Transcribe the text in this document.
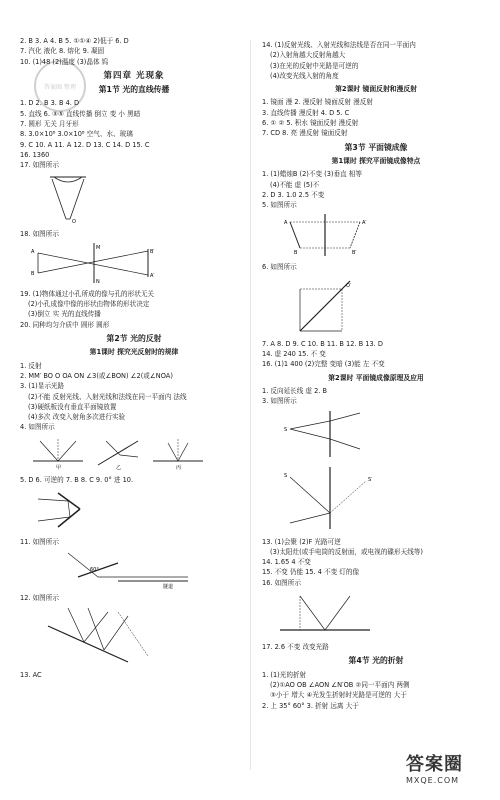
答案圈 整理
2. B 3. A 4. B 5. ①①④ 2)低于 6. D
7. 汽化 液化 8. 熔化 9. 凝固
10. (1)48 (2)温度 (3)晶体 钨
第四章 光现象
第1节 光的直线传播
1. D 2. B 3. B 4. D
5. 直线 6. ③⑤ 直线传播 倒立 变 小 黑暗
7. 圆形 无关 月牙形
8. 3.0×10⁸ 3.0×10⁸ 空气、水、玻璃
9. C 10. A 11. A 12. D 13. C 14. D 15. C
16. 1360
17. 如图所示
O
18. 如图所示
A
B
B′
A′
M
N
19. (1)物体通过小孔所成的像与孔的形状无关
(2)小孔成像中像的形状由物体的形状决定
(3)倒立 实 光的直线传播
20. 同种均匀介质中 圆形 圆形
第2节 光的反射
第1课时 探究光反射时的规律
1. 反射
2. MM′ BO O OA ON ∠3(或∠BON) ∠2(或∠NOA)
3. (1)显示光路
(2)不能 反射光线、入射光线和法线在同一平面内 法线
(3)硬纸板没有垂直平面镜放置
(4)多次 改变入射角多次进行实验
4. 如图所示
甲	乙	丙
5. D 6. 可逆的 7. B 8. C 9. 0° 进 10.
11. 如图所示
60°
隧道
12. 如图所示
13. AC
14. (1)反射光线、入射光线和法线是否在同一平面内
(2)入射角越大反射角越大
(3)在光的反射中光路是可逆的
(4)改变光线入射的角度
第2课时 镜面反射和漫反射
1. 镜面 漫 2. 漫反射 镜面反射 漫反射
3. 直线传播 漫反射 4. D 5. C
6. ① ② 5. 积水 镜面反射 漫反射
7. CD 8. 亮 漫反射 镜面反射
第3节 平面镜成像
第1课时 探究平面镜成像特点
1. (1)蜡烛B (2)不变 (3)垂直 相等
(4)不能 虚 (5)不
2. D 3. 1.0 2.5 不变
5. 如图所示
A
B
A′
B′
6. 如图所示
O′
7. A 8. D 9. C 10. B 11. B 12. B 13. D
14. 虚 240 15. 不 变
16. (1)1 400 (2)完整 变暗 (3)能 左 不变
第2课时 平面镜成像原理及应用
1. 反向延长线 虚 2. B
3. 如图所示
S
S
S′
13. (1)会聚 (2)F 光路可逆
(3)太阳灶(或手电筒的反射面，或电视的碟形天线等)
14. 1.65 4 不变
15. 不变 仍能 15. 4 不变 灯的像
16. 如图所示
17. 2.6 不变 改变光路
第4节 光的折射
1. (1)光的折射
(2)①AO OB ∠AON ∠N′OB ②同一平面内 两侧
③小于 增大 ④光发生折射时光路是可逆的 大于
2. 上 35° 60° 3. 折射 远离 大于
答案圈
MXQE.COM
